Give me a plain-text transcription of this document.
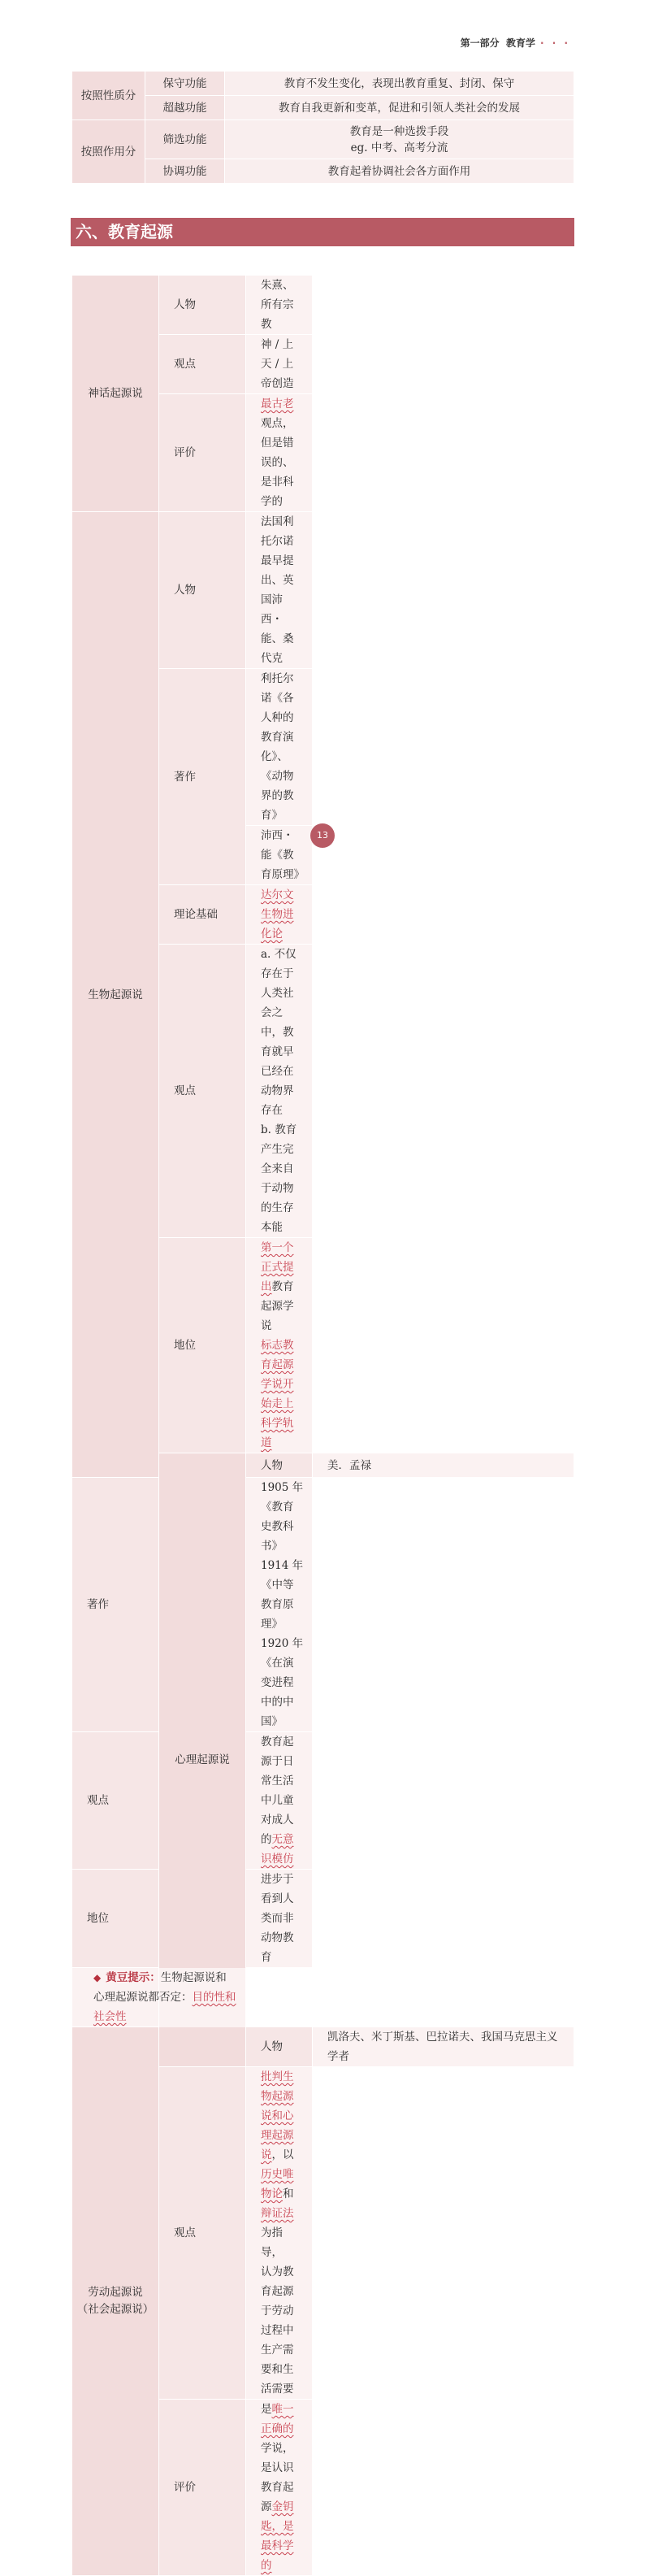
第一部分
教育学 · · ·
按照性质分	保守功能	教育不发生变化，表现出教育重复、封闭、保守
	超越功能	教育自我更新和变革，促进和引领人类社会的发展
按照作用分	筛选功能	教育是一种选拨手段
eg. 中考、高考分流

	协调功能	教育起着协调社会各方面作用
六、教育起源
神话起源说	人物	朱熹、所有宗教	
	观点	神 / 上天 / 上帝创造	
	评价	最古老观点，但是错误的、是非科学的	
生物起源说	人物	法国利托尔诺最早提出、英国沛西・能、桑代克	
	著作	利托尔诺《各人种的教育演化》、《动物界的教育》	
		沛西・能《教育原理》	
	理论基础	达尔文生物进化论	
	观点	a. 不仅存在于人类社会之中，教育就早已经在动物界存在
b. 教育产生完全来自于动物的生存本能	

	地位	第一个正式提出教育起源学说
标志教育起源学说开始走上科学轨道	

	心理起源说	人物	美．孟禄
著作		1905 年《教育史教科书》
1914 年《中等教育原理》
1920 年《在演变进程中的中国》	

观点		教育起源于日常生活中儿童对成人的无意识模仿	
地位		进步于看到人类而非动物教育	
◆ 黄豆提示：生物起源说和心理起源说都否定：目的性和社会性			

劳动起源说
（社会起源说）		人物	凯洛夫、米丁斯基、巴拉诺夫、我国马克思主义学者
	观点	批判生物起源说和心理起源说，以历史唯物论和辩证法为指导，
认为教育起源于劳动过程中生产需要和生活需要	

	评价	是唯一正确的学说，是认识教育起源金钥匙，是最科学的	
13
